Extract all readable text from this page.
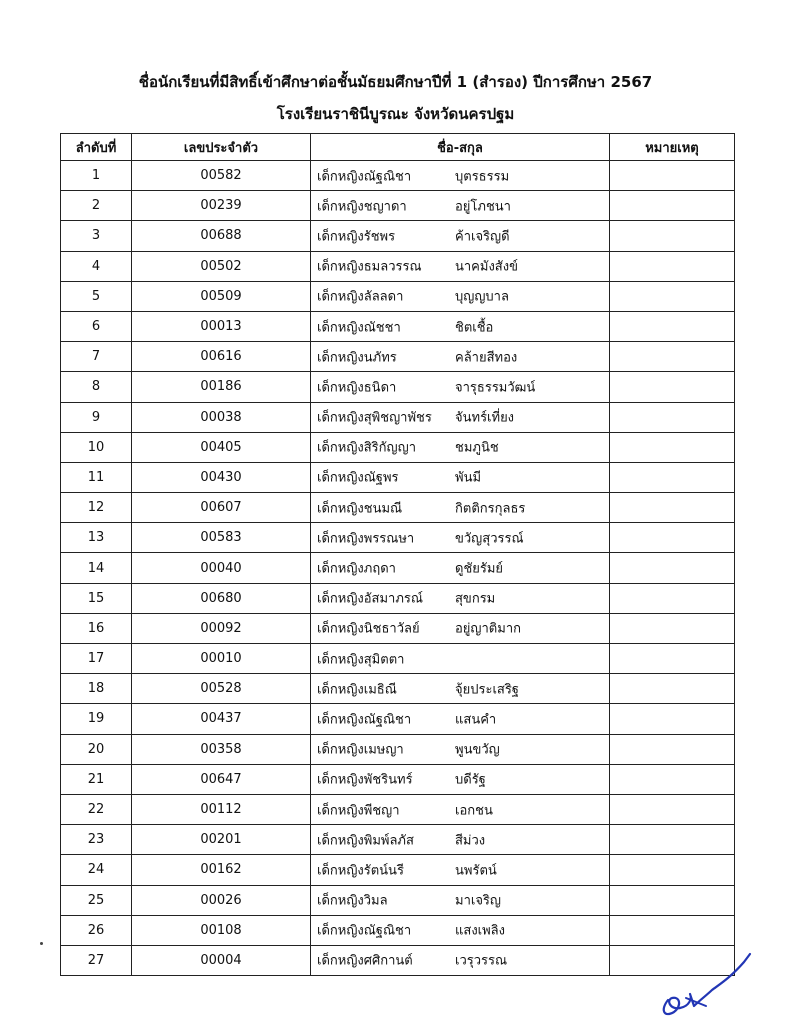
ชื่อนักเรียนที่มีสิทธิ์เข้าศึกษาต่อชั้นมัธยมศึกษาปีที่ 1 (สำรอง) ปีการศึกษา 2567
โรงเรียนราชินีบูรณะ จังหวัดนครปฐม
ลำดับที่	เลขประจำตัว	ชื่อ-สกุล	หมายเหตุ
1	00582	เด็กหญิงณัฐณิชา บุตรธรรม	

2	00239	เด็กหญิงชญาดา อยู่โภชนา	

3	00688	เด็กหญิงรัชพร ค้าเจริญดี	

4	00502	เด็กหญิงธมลวรรณ นาคมังสังข์	

5	00509	เด็กหญิงลัลลดา บุญญบาล	

6	00013	เด็กหญิงณัชชา ชิตเชื้อ	

7	00616	เด็กหญิงนภัทร คล้ายสีทอง	

8	00186	เด็กหญิงธนิดา จารุธรรมวัฒน์	

9	00038	เด็กหญิงสุพิชญาพัชร จันทร์เที่ยง	

10	00405	เด็กหญิงสิริกัญญา ชมภูนิช	

11	00430	เด็กหญิงณัฐพร พันมี	

12	00607	เด็กหญิงชนมณี กิตติกรกุลธร	

13	00583	เด็กหญิงพรรณษา ขวัญสุวรรณ์	

14	00040	เด็กหญิงภฤดา ดูชัยรัมย์	

15	00680	เด็กหญิงอัสมาภรณ์ สุขกรม	

16	00092	เด็กหญิงนิชธาวัลย์ อยู่ญาติมาก	

17	00010	เด็กหญิงสุมิตตา	

18	00528	เด็กหญิงเมธิณี จุ้ยประเสริฐ	

19	00437	เด็กหญิงณัฐณิชา แสนคำ	

20	00358	เด็กหญิงเมษญา พูนขวัญ	

21	00647	เด็กหญิงพัชรินทร์ บดีรัฐ	

22	00112	เด็กหญิงพีชญา เอกชน	

23	00201	เด็กหญิงพิมพ์ลภัส สีม่วง	

24	00162	เด็กหญิงรัตน์นรี นพรัตน์	

25	00026	เด็กหญิงวิมล มาเจริญ	

26	00108	เด็กหญิงณัฐณิชา แสงเพลิง	

27	00004	เด็กหญิงศศิกานต์ เวรุวรรณ	
